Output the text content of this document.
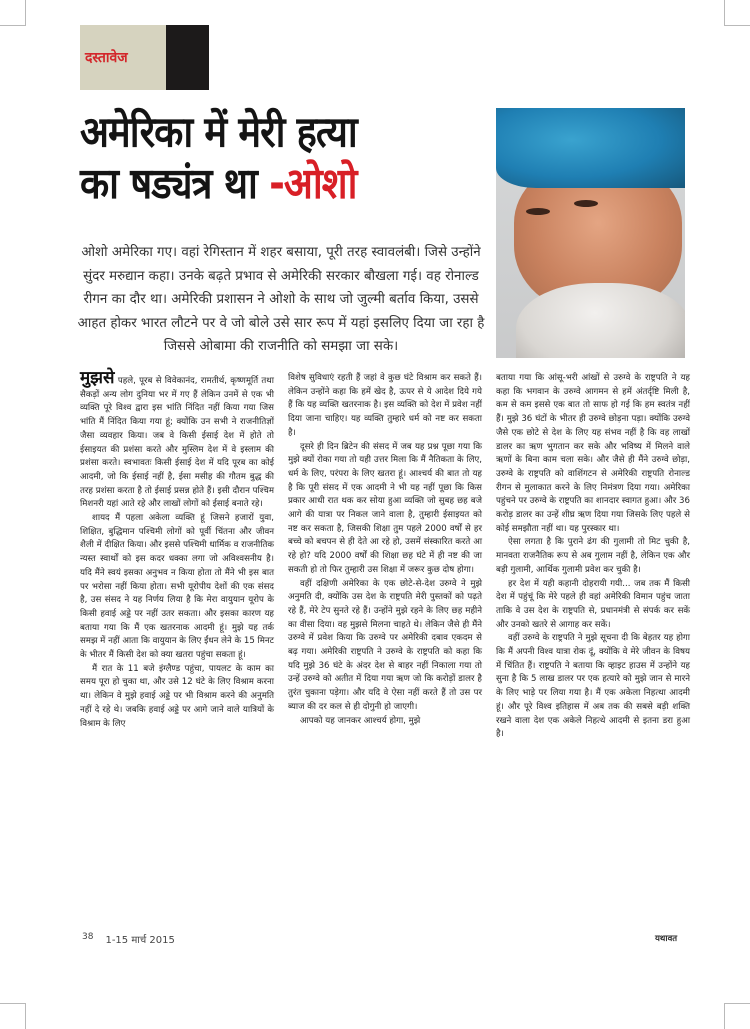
दस्तावेज
अमेरिका में मेरी हत्या
का षड्यंत्र था -ओशो

ओशो अमेरिका गए। वहां रेगिस्तान में शहर बसाया, पूरी तरह स्वावलंबी। जिसे उन्होंने सुंदर मरुद्यान कहा। उनके बढ़ते प्रभाव से अमेरिकी सरकार बौखला गई। वह रोनाल्ड रीगन का दौर था। अमेरिकी प्रशासन ने ओशो के साथ जो जुल्मी बर्ताव किया, उससे आहत होकर भारत लौटने पर वे जो बोले उसे सार रूप में यहां इसलिए दिया जा रहा है जिससे ओबामा की राजनीति को समझा जा सके।

मुझसे पहले, पूरब से विवेकानंद, रामतीर्थ, कृष्णमूर्ति तथा सैकड़ों अन्य लोग दुनिया भर में गए हैं लेकिन उनमें से एक भी व्यक्ति पूरे विश्व द्वारा इस भांति निंदित नहीं किया गया जिस भांति मैं निंदित किया गया हूं; क्योंकि उन सभी ने राजनीतिज्ञों जैसा व्यवहार किया। जब वे किसी ईसाई देश में होते तो ईसाइयत की प्रशंसा करते और मुस्लिम देश में वे इस्लाम की प्रशंसा करते। स्वभावतः किसी ईसाई देश में यदि पूरब का कोई आदमी, जो कि ईसाई नहीं है, ईसा मसीह की गौतम बुद्ध की तरह प्रशंसा करता है तो ईसाई प्रसन्न होते हैं। इसी दौरान पश्चिम मिशनरी यहां आते रहे और लाखों लोगों को ईसाई बनाते रहे।

शायद मैं पहला अकेला व्यक्ति हूं जिसने हजारों युवा, शिक्षित, बुद्धिमान पश्चिमी लोगों को पूर्वी चिंतना और जीवन शैली में दीक्षित किया। और इससे पश्चिमी धार्मिक व राजनीतिक न्यस्त स्वार्थों को इस कदर धक्का लगा जो अविश्वसनीय है। यदि मैंने स्वयं इसका अनुभव न किया होता तो मैंने भी इस बात पर भरोसा नहीं किया होता। सभी यूरोपीय देशों की एक संसद है, उस संसद ने यह निर्णय लिया है कि मेरा वायुयान यूरोप के किसी हवाई अड्डे पर नहीं उतर सकता। और इसका कारण यह बताया गया कि मैं एक खतरनाक आदमी हूं। मुझे यह तर्क समझ में नहीं आता कि वायुयान के लिए ईंधन लेने के 15 मिनट के भीतर मैं किसी देश को क्या खतरा पहुंचा सकता हूं।

मैं रात के 11 बजे इंग्लैण्ड पहुंचा, पायलट के काम का समय पूरा हो चुका था, और उसे 12 घंटे के लिए विश्राम करना था। लेकिन वे मुझे हवाई अड्डे पर भी विश्राम करने की अनुमति नहीं दे रहे थे। जबकि हवाई अड्डे पर आगे जाने वाले यात्रियों के विश्राम के लिए

विशेष सुविधाएं रहती हैं जहां वे कुछ घंटे विश्राम कर सकते हैं। लेकिन उन्होंने कहा कि हमें खेद है, ऊपर से ये आदेश दिये गये हैं कि यह व्यक्ति खतरनाक है। इस व्यक्ति को देश में प्रवेश नहीं दिया जाना चाहिए। यह व्यक्ति तुम्हारे धर्म को नष्ट कर सकता है।

दूसरे ही दिन ब्रिटेन की संसद में जब यह प्रश्न पूछा गया कि मुझे क्यों रोका गया तो यही उत्तर मिला कि मैं नैतिकता के लिए, धर्म के लिए, परंपरा के लिए खतरा हूं। आश्चर्य की बात तो यह है कि पूरी संसद में एक आदमी ने भी यह नहीं पूछा कि किस प्रकार आधी रात थक कर सोया हुआ व्यक्ति जो सुबह छह बजे आगे की यात्रा पर निकल जाने वाला है, तुम्हारी ईसाइयत को नष्ट कर सकता है, जिसकी शिक्षा तुम पहले 2000 वर्षों से हर बच्चे को बचपन से ही देते आ रहे हो, उसमें संस्कारित करते आ रहे हो? यदि 2000 वर्षों की शिक्षा छह घंटे में ही नष्ट की जा सकती हो तो फिर तुम्हारी उस शिक्षा में जरूर कुछ दोष होगा।

वहीं दक्षिणी अमेरिका के एक छोटे-से-देश उरुग्वे ने मुझे अनुमति दी, क्योंकि उस देश के राष्ट्रपति मेरी पुस्तकों को पढ़ते रहे हैं, मेरे टेप सुनते रहे हैं। उन्होंने मुझे रहने के लिए छह महीने का वीसा दिया। वह मुझसे मिलना चाहते थे। लेकिन जैसे ही मैंने उरुग्वे में प्रवेश किया कि उरुग्वे पर अमेरिकी दबाव एकदम से बढ़ गया। अमेरिकी राष्ट्रपति ने उरुग्वे के राष्ट्रपति को कहा कि यदि मुझे 36 घंटे के अंदर देश से बाहर नहीं निकाला गया तो उन्हें उरुग्वे को अतीत में दिया गया ऋण जो कि करोड़ों डालर है तुरंत चुकाना पड़ेगा। और यदि वे ऐसा नहीं करते हैं तो उस पर ब्याज की दर कल से ही दोगुनी हो जाएगी।

आपको यह जानकर आश्चर्य होगा, मुझे

बताया गया कि आंसू-भरी आंखों से उरुग्वे के राष्ट्रपति ने यह कहा कि भगवान के उरुग्वे आगमन से हमें अंतर्दृष्टि मिली है, कम से कम इससे एक बात तो साफ हो गई कि हम स्वतंत्र नहीं हैं। मुझे 36 घंटों के भीतर ही उरुग्वे छोड़ना पड़ा। क्योंकि उरुग्वे जैसे एक छोटे से देश के लिए यह संभव नहीं है कि वह लाखों डालर का ऋण भुगतान कर सके और भविष्य में मिलने वाले ऋणों के बिना काम चला सके। और जैसे ही मैंने उरुग्वे छोड़ा, उरुग्वे के राष्ट्रपति को वाशिंगटन से अमेरिकी राष्ट्रपति रोनाल्ड रीगन से मुलाकात करने के लिए निमंत्रण दिया गया। अमेरिका पहुंचने पर उरुग्वे के राष्ट्रपति का शानदार स्वागत हुआ। और 36 करोड़ डालर का उन्हें शीघ्र ऋण दिया गया जिसके लिए पहले से कोई समझौता नहीं था। यह पुरस्कार था।

ऐसा लगता है कि पुराने ढंग की गुलामी तो मिट चुकी है, मानवता राजनैतिक रूप से अब गुलाम नहीं है, लेकिन एक और बड़ी गुलामी, आर्थिक गुलामी प्रवेश कर चुकी है।

हर देश में यही कहानी दोहरायी गयी... जब तक मैं किसी देश में पहुंचूं कि मेरे पहले ही वहां अमेरिकी विमान पहुंच जाता ताकि वे उस देश के राष्ट्रपति से, प्रधानमंत्री से संपर्क कर सकें और उनको खतरे से आगाह कर सकें।

वहीं उरुग्वे के राष्ट्रपति ने मुझे सूचना दी कि बेहतर यह होगा कि मैं अपनी विश्व यात्रा रोक दूं, क्योंकि वे मेरे जीवन के विषय में चिंतित हैं। राष्ट्रपति ने बताया कि व्हाइट हाउस में उन्होंने यह सुना है कि 5 लाख डालर पर एक हत्यारे को मुझे जान से मारने के लिए भाड़े पर लिया गया है। मैं एक अकेला निहत्था आदमी हूं। और पूरे विश्व इतिहास में अब तक की सबसे बड़ी शक्ति रखने वाला देश एक अकेले निहत्थे आदमी से इतना डरा हुआ है।

38 1-15 मार्च 2015	यथावत
